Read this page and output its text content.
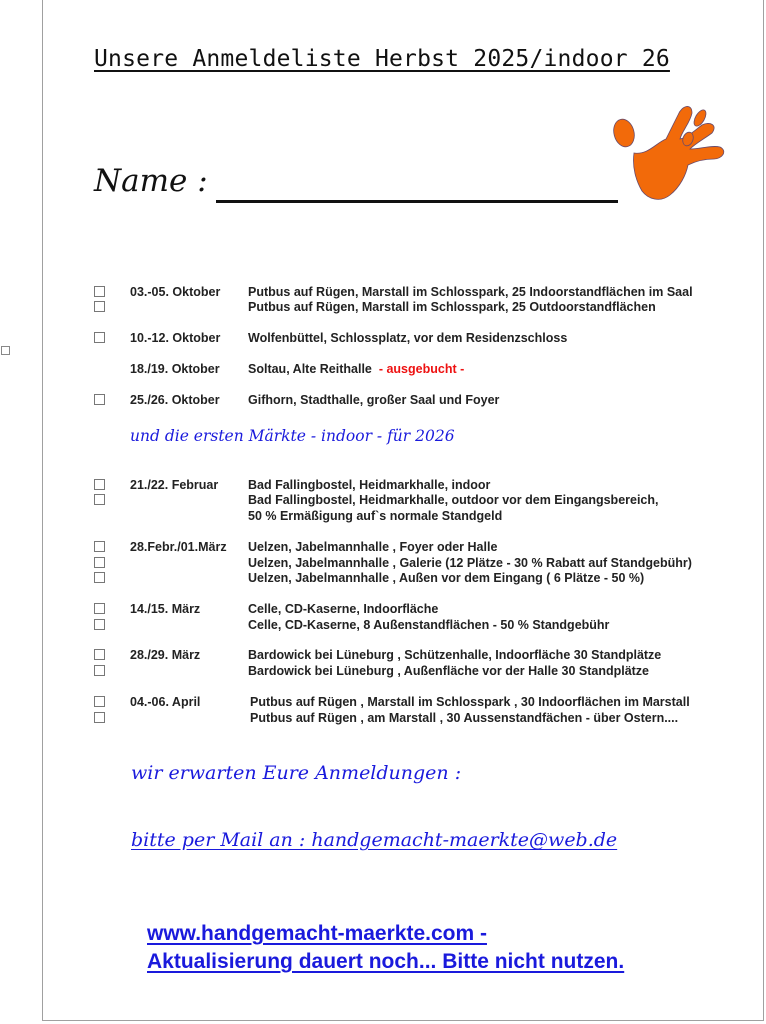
Unsere Anmeldeliste Herbst 2025/indoor 26
Name :
03.-05. Oktober Putbus auf Rügen, Marstall im Schlosspark, 25 Indoorstandflächen im Saal
Putbus auf Rügen, Marstall im Schlosspark, 25 Outdoorstandflächen
10.-12. Oktober Wolfenbüttel, Schlossplatz, vor dem Residenzschloss
18./19. Oktober Soltau, Alte Reithalle - ausgebucht -
25./26. Oktober Gifhorn, Stadthalle, großer Saal und Foyer
und die ersten Märkte - indoor - für 2026
21./22. Februar Bad Fallingbostel, Heidmarkhalle, indoor
Bad Fallingbostel, Heidmarkhalle, outdoor vor dem Eingangsbereich,
50 % Ermäßigung auf`s normale Standgeld
28.Febr./01.März Uelzen, Jabelmannhalle , Foyer oder Halle
Uelzen, Jabelmannhalle , Galerie (12 Plätze - 30 % Rabatt auf Standgebühr)
Uelzen, Jabelmannhalle , Außen vor dem Eingang ( 6 Plätze - 50 %)
14./15. März	Celle, CD-Kaserne, Indoorfläche
Celle, CD-Kaserne, 8 Außenstandflächen - 50 % Standgebühr
28./29. März	Bardowick bei Lüneburg , Schützenhalle, Indoorfläche 30 Standplätze
Bardowick bei Lüneburg , Außenfläche vor der Halle 30 Standplätze
04.-06. April	Putbus auf Rügen , Marstall im Schlosspark , 30 Indoorflächen im Marstall
Putbus auf Rügen , am Marstall , 30 Aussenstandfächen - über Ostern....
wir erwarten Eure Anmeldungen :
bitte per Mail an : handgemacht-maerkte@web.de
www.handgemacht-maerkte.com -
Aktualisierung dauert noch... Bitte nicht nutzen.
